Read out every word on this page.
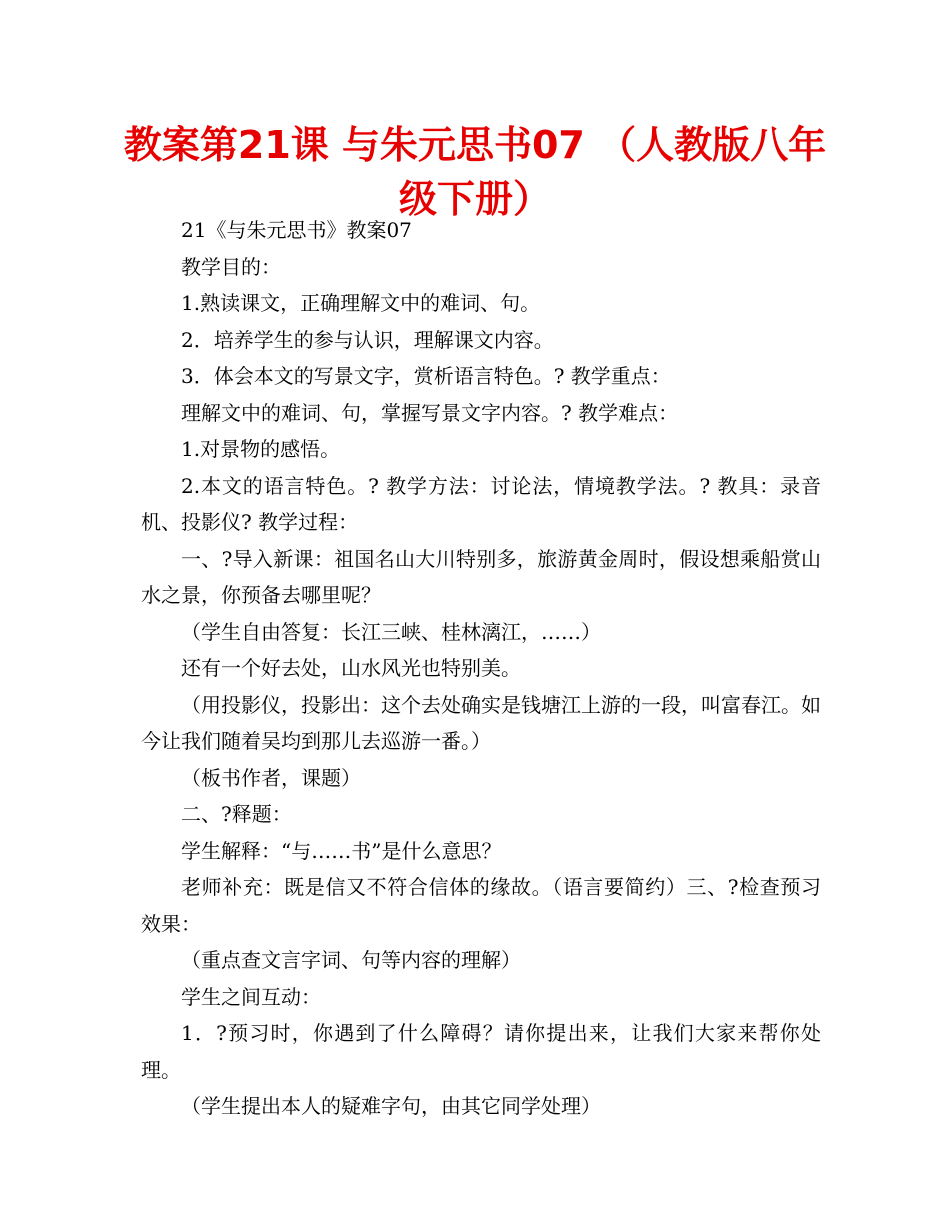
教案第21课 与朱元思书07 （人教版八年
级下册）

21《与朱元思书》教案07

教学目的：

1.熟读课文，正确理解文中的难词、句。

2．培养学生的参与认识，理解课文内容。

3．体会本文的写景文字，赏析语言特色。? 教学重点：

理解文中的难词、句，掌握写景文字内容。? 教学难点：

1.对景物的感悟。

2.本文的语言特色。? 教学方法：讨论法，情境教学法。? 教具：录音机、投影仪? 教学过程：

一、?导入新课：祖国名山大川特别多，旅游黄金周时，假设想乘船赏山水之景，你预备去哪里呢？

（学生自由答复：长江三峡、桂林漓江，……）

还有一个好去处，山水风光也特别美。

（用投影仪，投影出：这个去处确实是钱塘江上游的一段，叫富春江。如今让我们随着吴均到那儿去巡游一番。）

（板书作者，课题）

二、?释题：

学生解释：“与……书”是什么意思？

老师补充：既是信又不符合信体的缘故。（语言要简约）三、?检查预习效果：

（重点查文言字词、句等内容的理解）

学生之间互动：

1．?预习时，你遇到了什么障碍？请你提出来，让我们大家来帮你处理。

（学生提出本人的疑难字句，由其它同学处理）
